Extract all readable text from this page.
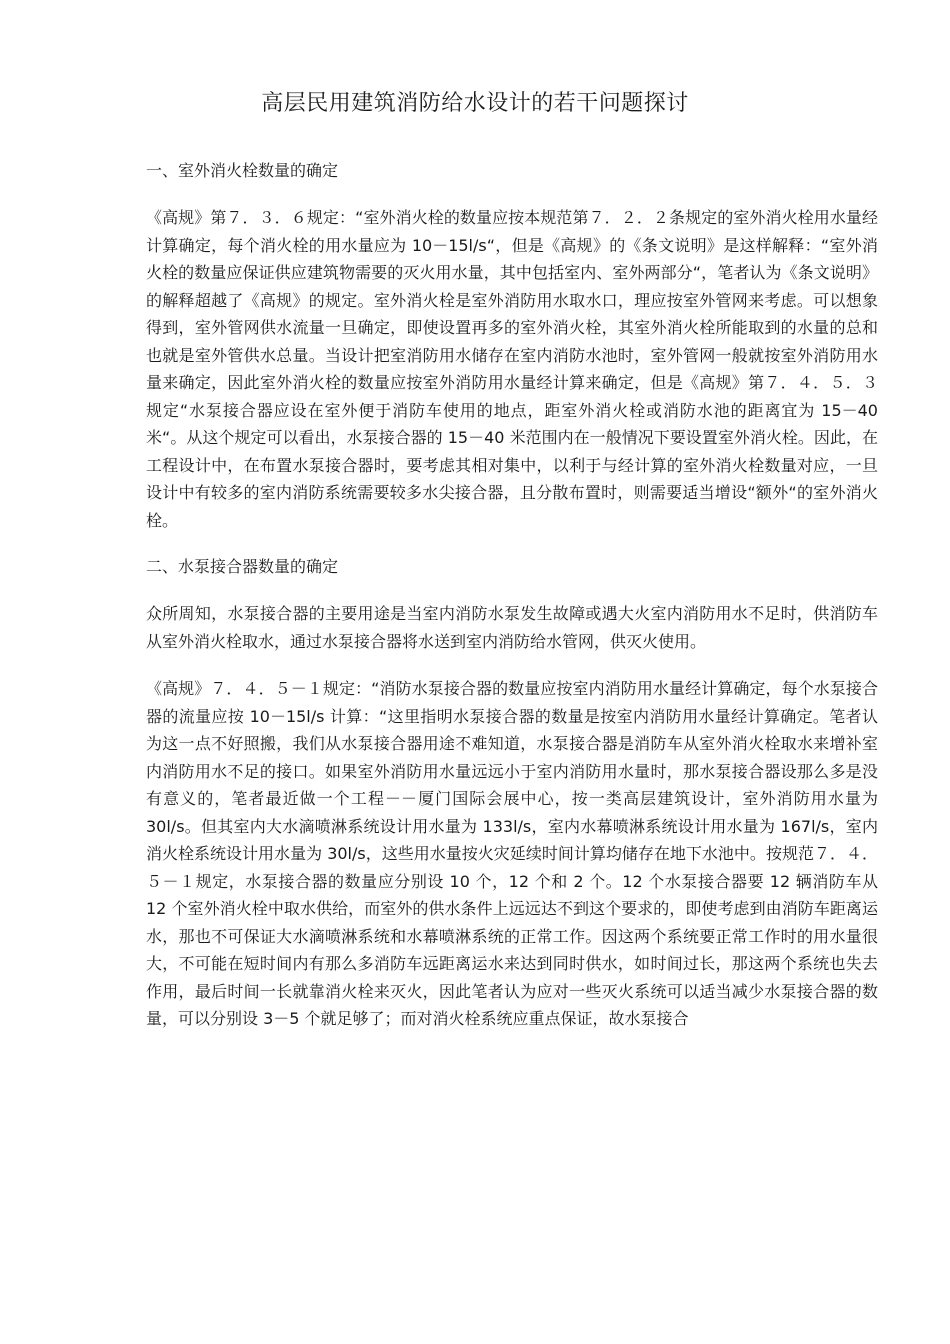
高层民用建筑消防给水设计的若干问题探讨

一、室外消火栓数量的确定

《高规》第７．３．６规定：“室外消火栓的数量应按本规范第７．２．２条规定的室外消火栓用水量经计算确定，每个消火栓的用水量应为 10－15l/s“，但是《高规》的《条文说明》是这样解释：“室外消火栓的数量应保证供应建筑物需要的灭火用水量，其中包括室内、室外两部分“，笔者认为《条文说明》的解释超越了《高规》的规定。室外消火栓是室外消防用水取水口，理应按室外管网来考虑。可以想象得到，室外管网供水流量一旦确定，即使设置再多的室外消火栓，其室外消火栓所能取到的水量的总和也就是室外管供水总量。当设计把室消防用水储存在室内消防水池时，室外管网一般就按室外消防用水量来确定，因此室外消火栓的数量应按室外消防用水量经计算来确定，但是《高规》第７．４．５．３规定“水泵接合器应设在室外便于消防车使用的地点，距室外消火栓或消防水池的距离宜为 15－40 米“。从这个规定可以看出，水泵接合器的 15－40 米范围内在一般情况下要设置室外消火栓。因此，在工程设计中，在布置水泵接合器时，要考虑其相对集中，以利于与经计算的室外消火栓数量对应，一旦设计中有较多的室内消防系统需要较多水尖接合器，且分散布置时，则需要适当增设“额外“的室外消火栓。

二、水泵接合器数量的确定

众所周知，水泵接合器的主要用途是当室内消防水泵发生故障或遇大火室内消防用水不足时，供消防车从室外消火栓取水，通过水泵接合器将水送到室内消防给水管网，供灭火使用。

《高规》７．４．５－１规定：“消防水泵接合器的数量应按室内消防用水量经计算确定，每个水泵接合器的流量应按 10－15l/s 计算：“这里指明水泵接合器的数量是按室内消防用水量经计算确定。笔者认为这一点不好照搬，我们从水泵接合器用途不难知道，水泵接合器是消防车从室外消火栓取水来增补室内消防用水不足的接口。如果室外消防用水量远远小于室内消防用水量时，那水泵接合器设那么多是没有意义的，笔者最近做一个工程－－厦门国际会展中心，按一类高层建筑设计，室外消防用水量为 30l/s。但其室内大水滴喷淋系统设计用水量为 133l/s，室内水幕喷淋系统设计用水量为 167l/s，室内消火栓系统设计用水量为 30l/s，这些用水量按火灾延续时间计算均储存在地下水池中。按规范７．４．５－１规定，水泵接合器的数量应分别设 10 个，12 个和 2 个。12 个水泵接合器要 12 辆消防车从 12 个室外消火栓中取水供给，而室外的供水条件上远远达不到这个要求的，即使考虑到由消防车距离运水，那也不可保证大水滴喷淋系统和水幕喷淋系统的正常工作。因这两个系统要正常工作时的用水量很大，不可能在短时间内有那么多消防车远距离运水来达到同时供水，如时间过长，那这两个系统也失去作用，最后时间一长就靠消火栓来灭火，因此笔者认为应对一些灭火系统可以适当减少水泵接合器的数量，可以分别设 3－5 个就足够了；而对消火栓系统应重点保证，故水泵接合
